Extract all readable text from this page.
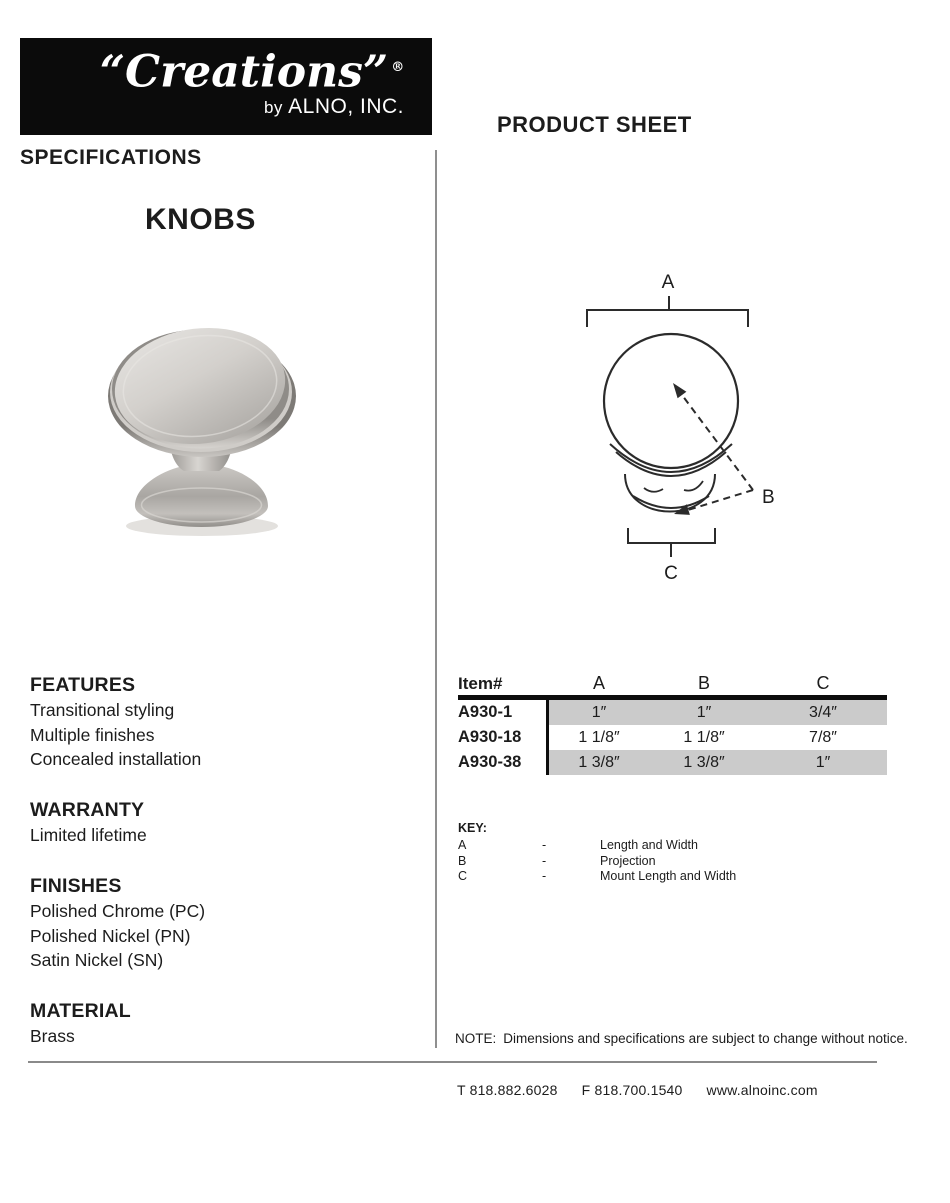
“Creations” ®
by ALNO, INC.
SPECIFICATIONS
PRODUCT SHEET
KNOBS
A
B
C
FEATURES
Transitional styling
Multiple finishes
Concealed installation
WARRANTY
Limited lifetime
FINISHES
Polished Chrome (PC)
Polished Nickel (PN)
Satin Nickel (SN)
MATERIAL
Brass
Item#	A	B	C
A930-1	1″	1″	3/4″
A930-18	1 1/8″	1 1/8″	7/8″
A930-38	1 3/8″	1 3/8″	1″
KEY:
A	-	Length and Width
B	-	Projection
C	-	Mount Length and Width
NOTE: Dimensions and specifications are subject to change without notice.
T 818.882.6028 F 818.700.1540 www.alnoinc.com
